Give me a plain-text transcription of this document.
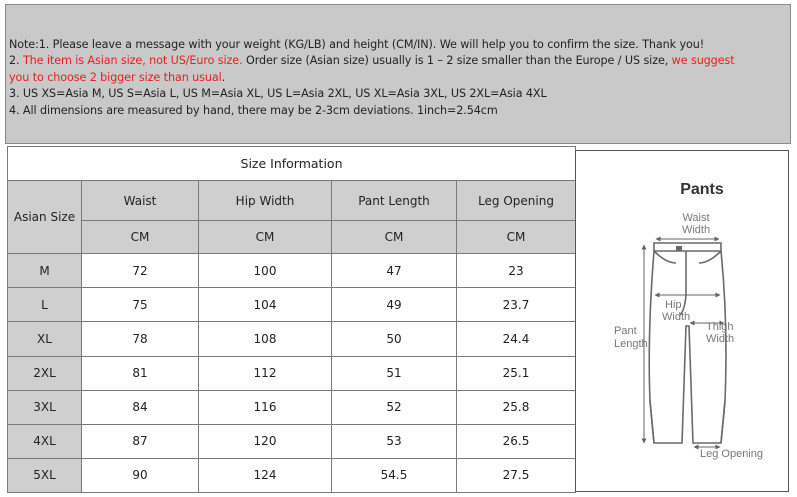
Note:1. Please leave a message with your weight (KG/LB) and height (CM/IN). We will help you to confirm the size. Thank you!
2. The item is Asian size, not US/Euro size. Order size (Asian size) usually is 1 – 2 size smaller than the Europe / US size, we suggest
you to choose 2 bigger size than usual.
3. US XS=Asia M, US S=Asia L, US M=Asia XL, US L=Asia 2XL, US XL=Asia 3XL, US 2XL=Asia 4XL
4. All dimensions are measured by hand, there may be 2-3cm deviations. 1inch=2.54cm
Size Information				
Asian Size	Waist	Hip Width	Pant Length	Leg Opening
	CM	CM	CM	CM
M	72	100	47	23
L	75	104	49	23.7
XL	78	108	50	24.4
2XL	81	112	51	25.1
3XL	84	116	52	25.8
4XL	87	120	53	26.5
5XL	90	124	54.5	27.5
Pants
Waist
Width
Hip
Width
Thigh
Width
Pant
Length
Leg Opening
